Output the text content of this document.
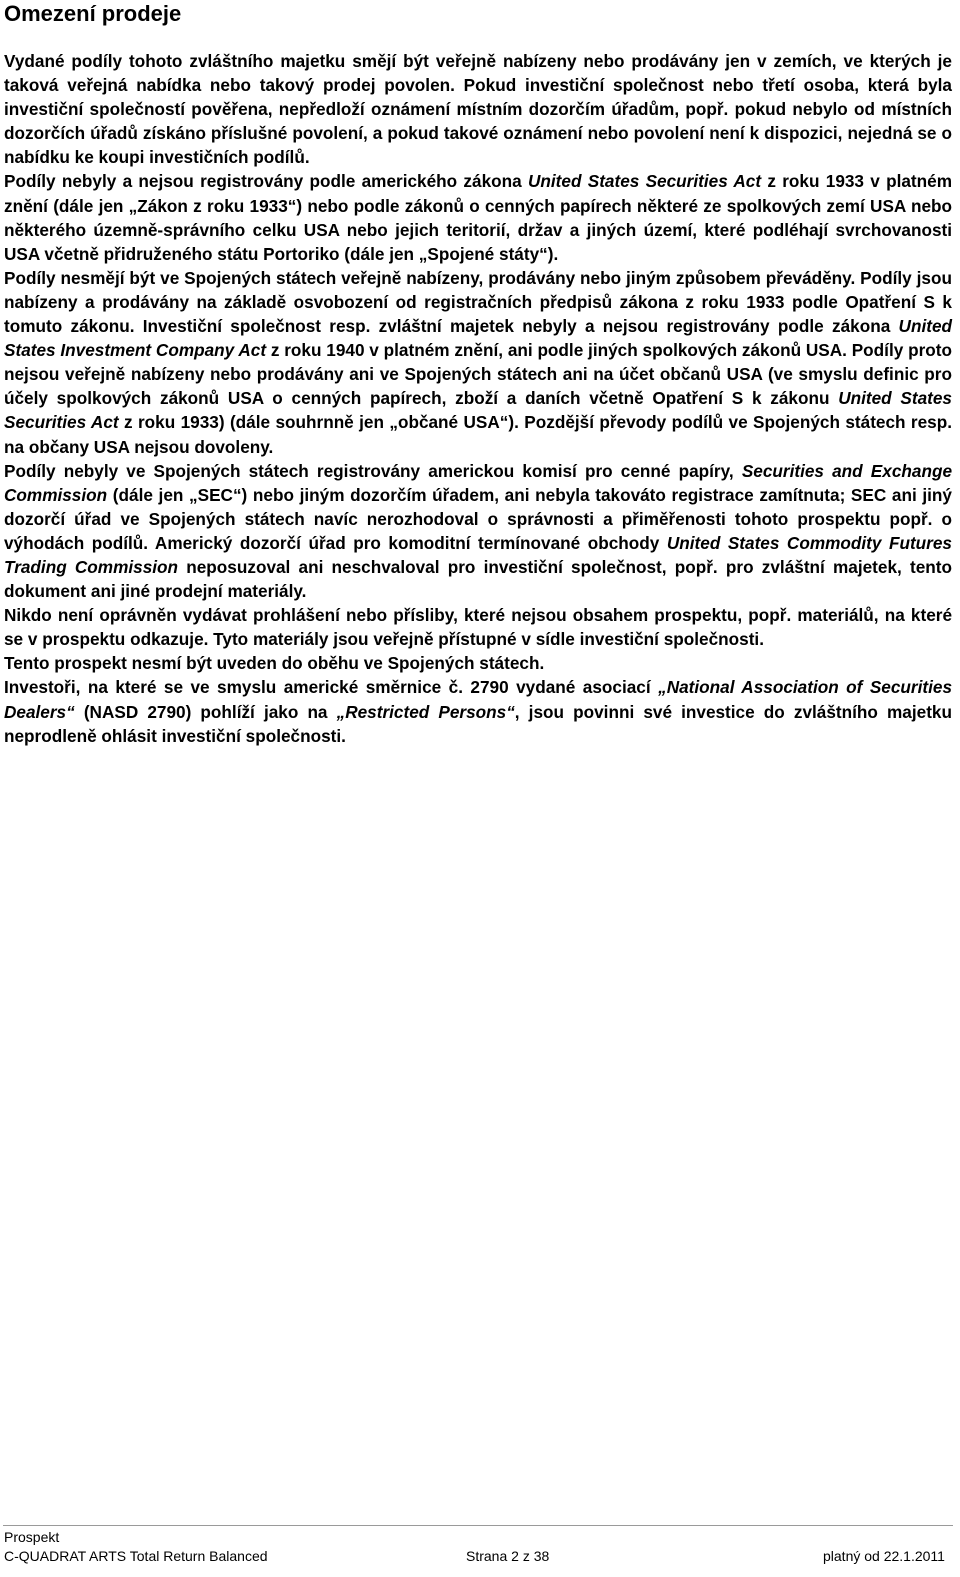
Omezení prodeje

Vydané podíly tohoto zvláštního majetku smějí být veřejně nabízeny nebo prodávány jen v zemích, ve kterých je taková veřejná nabídka nebo takový prodej povolen. Pokud investiční společnost nebo třetí osoba, která byla investiční společností pověřena, nepředloží oznámení místním dozorčím úřadům, popř. pokud nebylo od místních dozorčích úřadů získáno příslušné povolení, a pokud takové oznámení nebo povolení není k dispozici, nejedná se o nabídku ke koupi investičních podílů.

Podíly nebyly a nejsou registrovány podle amerického zákona United States Securities Act z roku 1933 v platném znění (dále jen „Zákon z roku 1933“) nebo podle zákonů o cenných papírech některé ze spolkových zemí USA nebo některého územně-správního celku USA nebo jejich teritorií, držav a jiných území, které podléhají svrchovanosti USA včetně přidruženého státu Portoriko (dále jen „Spojené státy“).

Podíly nesmějí být ve Spojených státech veřejně nabízeny, prodávány nebo jiným způsobem převáděny. Podíly jsou nabízeny a prodávány na základě osvobození od registračních předpisů zákona z roku 1933 podle Opatření S k tomuto zákonu. Investiční společnost resp. zvláštní majetek nebyly a nejsou registrovány podle zákona United States Investment Company Act z roku 1940 v platném znění, ani podle jiných spolkových zákonů USA. Podíly proto nejsou veřejně nabízeny nebo prodávány ani ve Spojených státech ani na účet občanů USA (ve smyslu definic pro účely spolkových zákonů USA o cenných papírech, zboží a daních včetně Opatření S k zákonu United States Securities Act z roku 1933) (dále souhrnně jen „občané USA“). Pozdější převody podílů ve Spojených státech resp. na občany USA nejsou dovoleny.

Podíly nebyly ve Spojených státech registrovány americkou komisí pro cenné papíry, Securities and Exchange Commission (dále jen „SEC“) nebo jiným dozorčím úřadem, ani nebyla takováto registrace zamítnuta; SEC ani jiný dozorčí úřad ve Spojených státech navíc nerozhodoval o správnosti a přiměřenosti tohoto prospektu popř. o výhodách podílů. Americký dozorčí úřad pro komoditní termínované obchody United States Commodity Futures Trading Commission neposuzoval ani neschvaloval pro investiční společnost, popř. pro zvláštní majetek, tento dokument ani jiné prodejní materiály.

Nikdo není oprávněn vydávat prohlášení nebo přísliby, které nejsou obsahem prospektu, popř. materiálů, na které se v prospektu odkazuje. Tyto materiály jsou veřejně přístupné v sídle investiční společnosti.

Tento prospekt nesmí být uveden do oběhu ve Spojených státech.

Investoři, na které se ve smyslu americké směrnice č. 2790 vydané asociací „National Association of Securities Dealers“ (NASD 2790) pohlíží jako na „Restricted Persons“, jsou povinni své investice do zvláštního majetku neprodleně ohlásit investiční společnosti.

Prospekt
C-QUADRAT ARTS Total Return Balanced	Strana 2 z 38	platný od 22.1.2011
